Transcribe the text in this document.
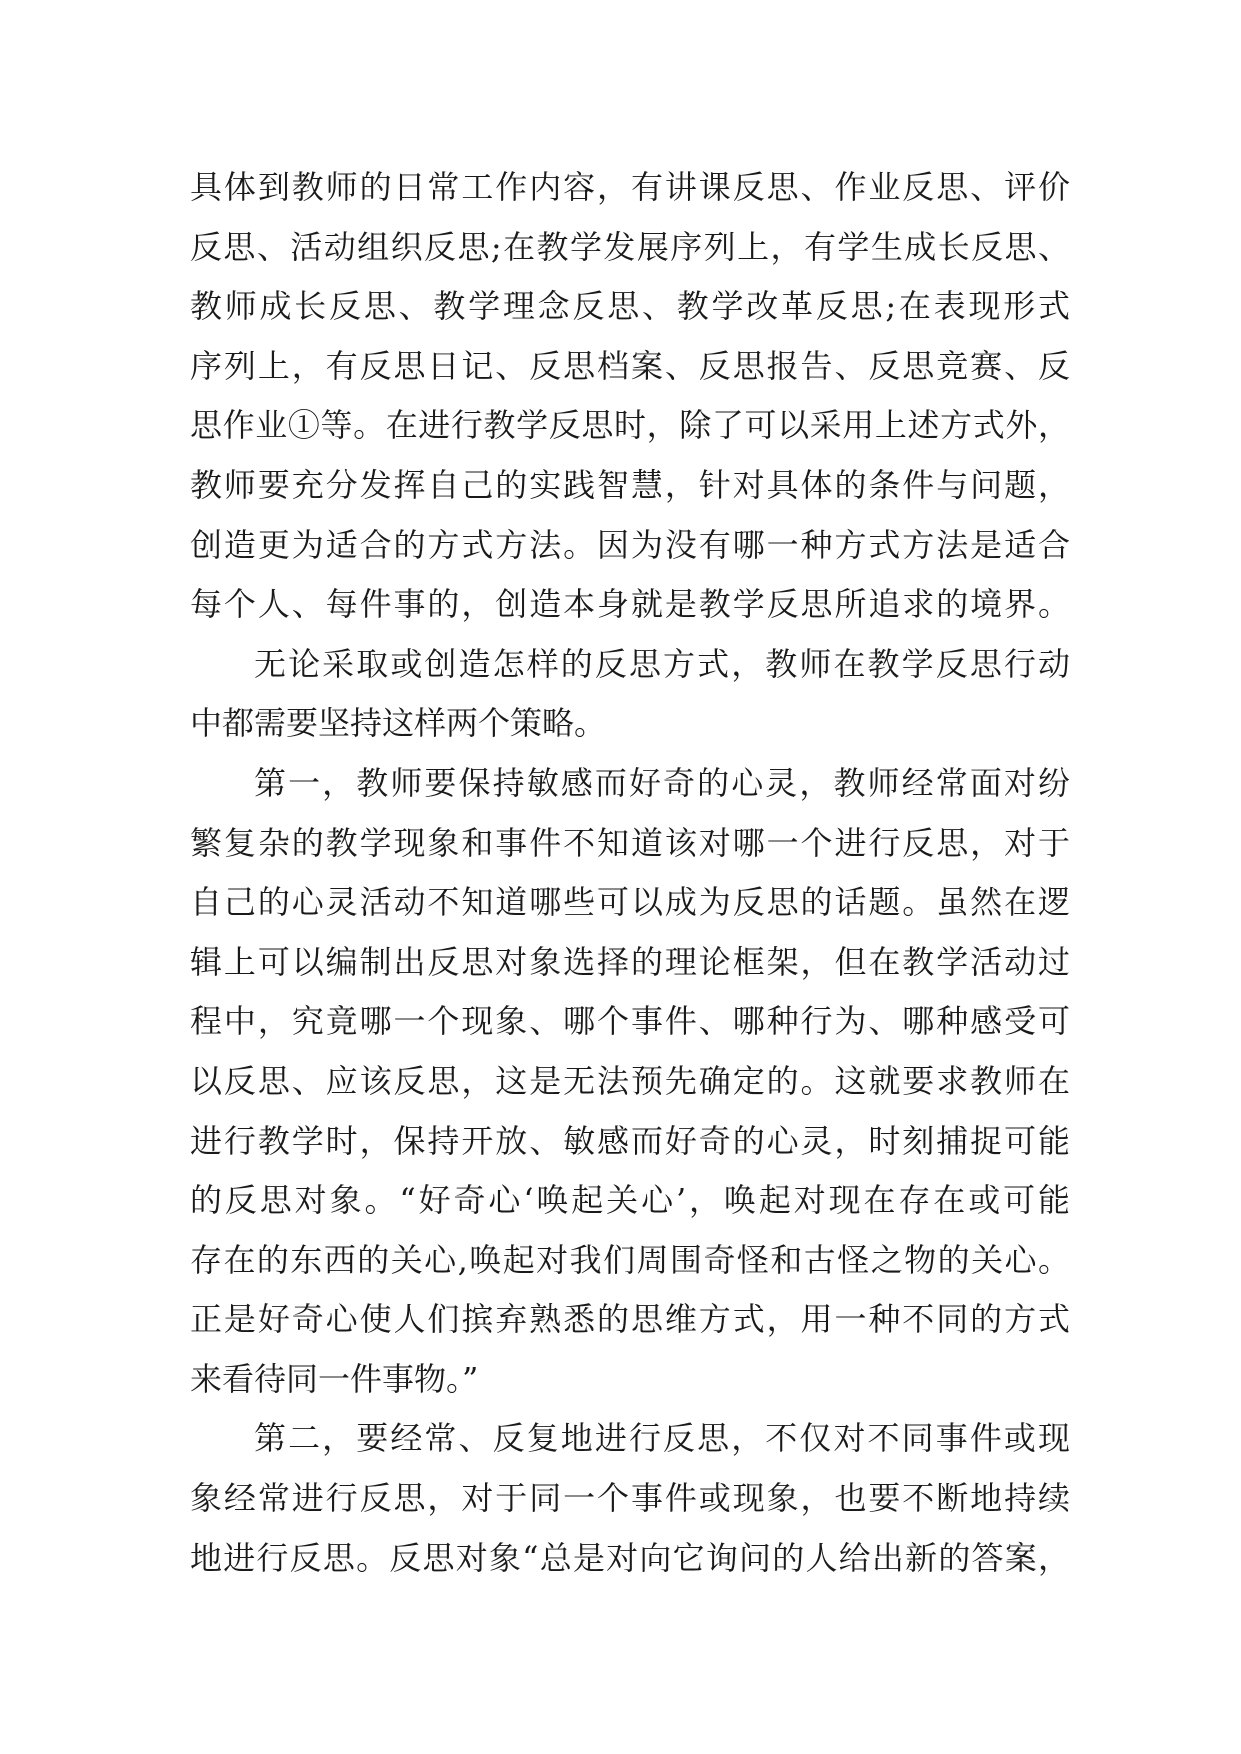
具体到教师的日常工作内容，有讲课反思、作业反思、评价
反思、活动组织反思;在教学发展序列上，有学生成长反思、
教师成长反思、教学理念反思、教学改革反思;在表现形式
序列上，有反思日记、反思档案、反思报告、反思竞赛、反
思作业①等。在进行教学反思时，除了可以采用上述方式外，
教师要充分发挥自己的实践智慧，针对具体的条件与问题，
创造更为适合的方式方法。因为没有哪一种方式方法是适合
每个人、每件事的，创造本身就是教学反思所追求的境界。
无论采取或创造怎样的反思方式，教师在教学反思行动
中都需要坚持这样两个策略。
第一，教师要保持敏感而好奇的心灵，教师经常面对纷
繁复杂的教学现象和事件不知道该对哪一个进行反思，对于
自己的心灵活动不知道哪些可以成为反思的话题。虽然在逻
辑上可以编制出反思对象选择的理论框架，但在教学活动过
程中，究竟哪一个现象、哪个事件、哪种行为、哪种感受可
以反思、应该反思，这是无法预先确定的。这就要求教师在
进行教学时，保持开放、敏感而好奇的心灵，时刻捕捉可能
的反思对象。“好奇心‘唤起关心’，唤起对现在存在或可能
存在的东西的关心,唤起对我们周围奇怪和古怪之物的关心。
正是好奇心使人们摈弃熟悉的思维方式，用一种不同的方式
来看待同一件事物。”
第二，要经常、反复地进行反思，不仅对不同事件或现
象经常进行反思，对于同一个事件或现象，也要不断地持续
地进行反思。反思对象“总是对向它询问的人给出新的答案，
